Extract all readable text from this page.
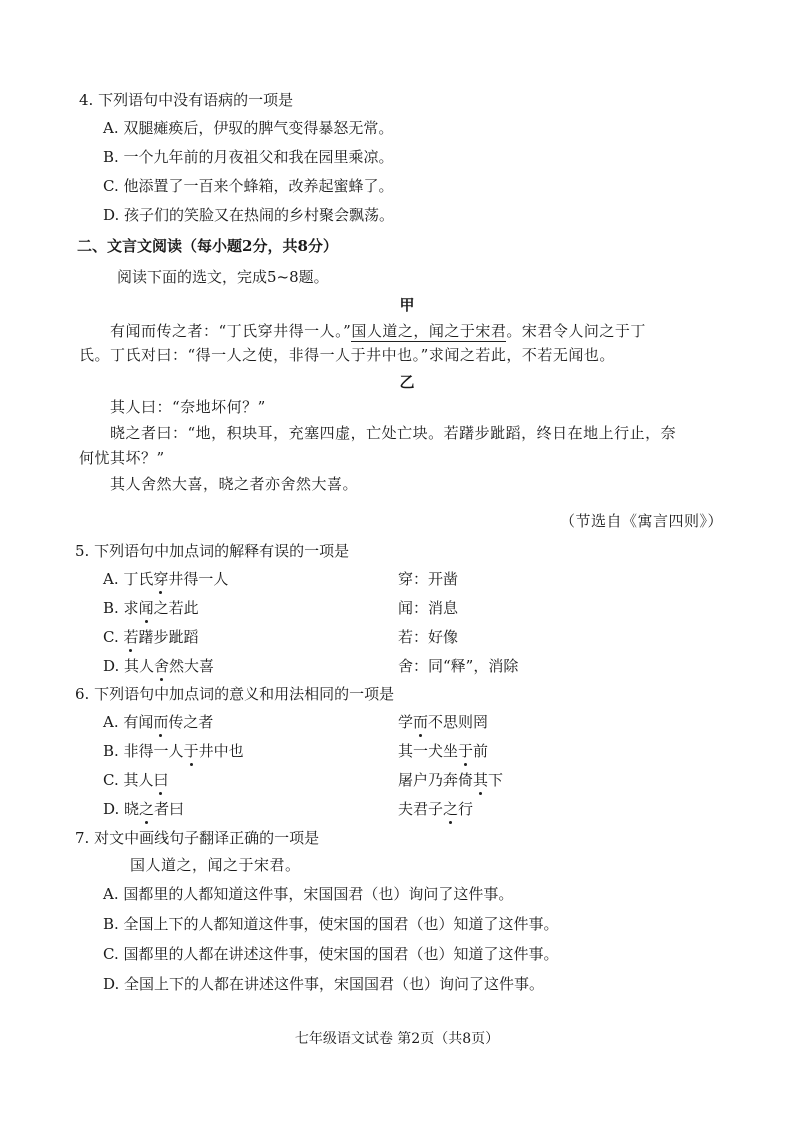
4. 下列语句中没有语病的一项是
A. 双腿瘫痪后，伊驭的脾气变得暴怒无常。
B. 一个九年前的月夜祖父和我在园里乘凉。
C. 他添置了一百来个蜂箱，改养起蜜蜂了。
D. 孩子们的笑脸又在热闹的乡村聚会飘荡。
二、文言文阅读（每小题2分，共8分）
阅读下面的选文，完成5~8题。
甲
有闻而传之者：“丁氏穿井得一人。”国人道之，闻之于宋君。宋君令人问之于丁
氏。丁氏对曰：“得一人之使，非得一人于井中也。”求闻之若此，不若无闻也。
乙
其人曰：“奈地坏何？”
晓之者曰：“地，积块耳，充塞四虚，亡处亡块。若躇步跐蹈，终日在地上行止，奈
何忧其坏？”
其人舍然大喜，晓之者亦舍然大喜。
（节选自《寓言四则》）
5. 下列语句中加点词的解释有误的一项是
A. 丁氏穿井得一人	穿：开凿
B. 求闻之若此	闻：消息
C. 若躇步跐蹈	若：好像
D. 其人舍然大喜	舍：同“释”，消除
6. 下列语句中加点词的意义和用法相同的一项是
A. 有闻而传之者	学而不思则罔
B. 非得一人于井中也	其一犬坐于前
C. 其人曰	屠户乃奔倚其下
D. 晓之者曰	夫君子之行
7. 对文中画线句子翻译正确的一项是
国人道之，闻之于宋君。
A. 国都里的人都知道这件事，宋国国君（也）询问了这件事。
B. 全国上下的人都知道这件事，使宋国的国君（也）知道了这件事。
C. 国都里的人都在讲述这件事，使宋国的国君（也）知道了这件事。
D. 全国上下的人都在讲述这件事，宋国国君（也）询问了这件事。
七年级语文试卷 第2页（共8页）
